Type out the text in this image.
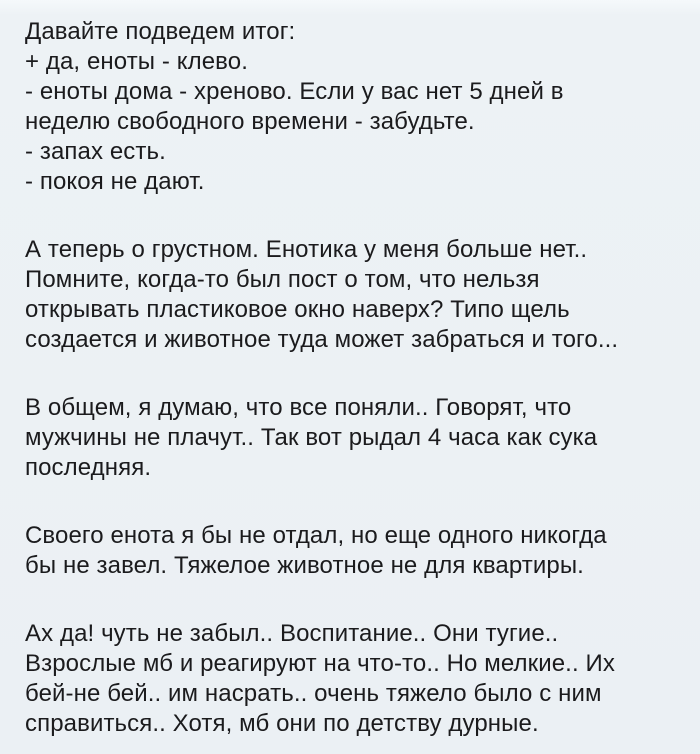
Давайте подведем итог:
+ да, еноты - клево.
- еноты дома - хреново. Если у вас нет 5 дней в
неделю свободного времени - забудьте.
- запах есть.
- покоя не дают.
А теперь о грустном. Енотика у меня больше нет..
Помните, когда-то был пост о том, что нельзя
открывать пластиковое окно наверх? Типо щель
создается и животное туда может забраться и того...
В общем, я думаю, что все поняли.. Говорят, что
мужчины не плачут.. Так вот рыдал 4 часа как сука
последняя.
Своего енота я бы не отдал, но еще одного никогда
бы не завел. Тяжелое животное не для квартиры.
Ах да! чуть не забыл.. Воспитание.. Они тугие..
Взрослые мб и реагируют на что-то.. Но мелкие.. Их
бей-не бей.. им насрать.. очень тяжело было с ним
справиться.. Хотя, мб они по детству дурные.
